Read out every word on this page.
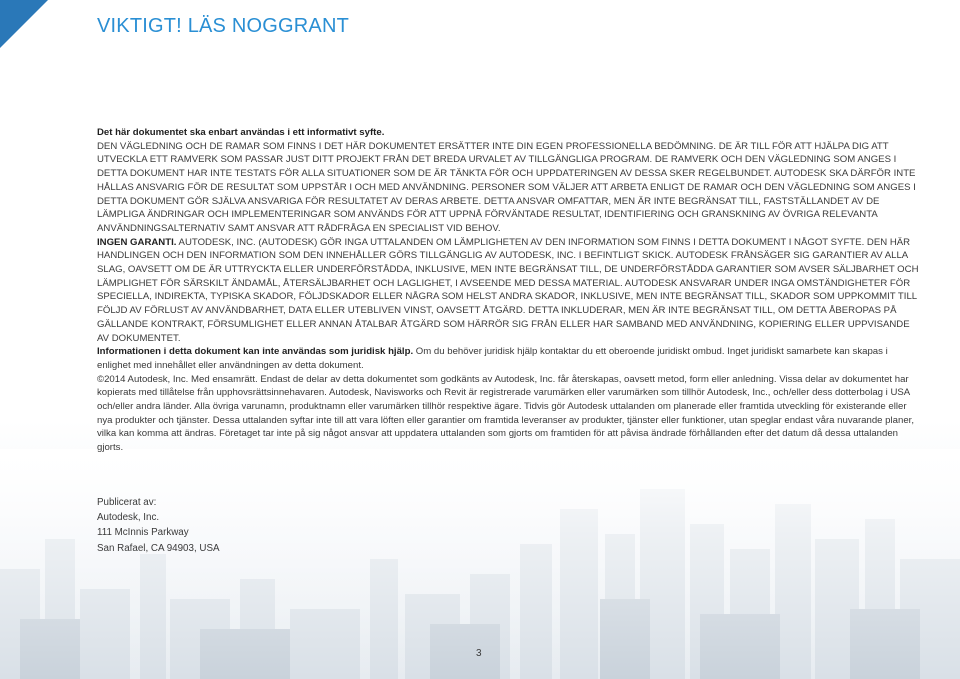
VIKTIGT! LÄS NOGGRANT

Det här dokumentet ska enbart användas i ett informativt syfte.
DEN VÄGLEDNING OCH DE RAMAR SOM FINNS I DET HÄR DOKUMENTET ERSÄTTER INTE DIN EGEN PROFESSIONELLA BEDÖMNING. DE ÄR TILL FÖR ATT HJÄLPA DIG ATT UTVECKLA ETT RAMVERK SOM PASSAR JUST DITT PROJEKT FRÅN DET BREDA URVALET AV TILLGÄNGLIGA PROGRAM. DE RAMVERK OCH DEN VÄGLEDNING SOM ANGES I DETTA DOKUMENT HAR INTE TESTATS FÖR ALLA SITUATIONER SOM DE ÄR TÄNKTA FÖR OCH UPPDATERINGEN AV DESSA SKER REGELBUNDET. AUTODESK SKA DÄRFÖR INTE HÅLLAS ANSVARIG FÖR DE RESULTAT SOM UPPSTÅR I OCH MED ANVÄNDNING. PERSONER SOM VÄLJER ATT ARBETA ENLIGT DE RAMAR OCH DEN VÄGLEDNING SOM ANGES I DETTA DOKUMENT GÖR SJÄLVA ANSVARIGA FÖR RESULTATET AV DERAS ARBETE. DETTA ANSVAR OMFATTAR, MEN ÄR INTE BEGRÄNSAT TILL, FASTSTÄLLANDET AV DE LÄMPLIGA ÄNDRINGAR OCH IMPLEMENTERINGAR SOM ANVÄNDS FÖR ATT UPPNÅ FÖRVÄNTADE RESULTAT, IDENTIFIERING OCH GRANSKNING AV ÖVRIGA RELEVANTA ANVÄNDNINGSALTERNATIV SAMT ANSVAR ATT RÅDFRÅGA EN SPECIALIST VID BEHOV.

INGEN GARANTI. AUTODESK, INC. (AUTODESK) GÖR INGA UTTALANDEN OM LÄMPLIGHETEN AV DEN INFORMATION SOM FINNS I DETTA DOKUMENT I NÅGOT SYFTE. DEN HÄR HANDLINGEN OCH DEN INFORMATION SOM DEN INNEHÅLLER GÖRS TILLGÄNGLIG AV AUTODESK, INC. I BEFINTLIGT SKICK. AUTODESK FRÅNSÄGER SIG GARANTIER AV ALLA SLAG, OAVSETT OM DE ÄR UTTRYCKTA ELLER UNDERFÖRSTÅDDA, INKLUSIVE, MEN INTE BEGRÄNSAT TILL, DE UNDERFÖRSTÅDDA GARANTIER SOM AVSER SÄLJBARHET OCH LÄMPLIGHET FÖR SÄRSKILT ÄNDAMÅL, ÅTERSÄLJBARHET OCH LAGLIGHET, I AVSEENDE MED DESSA MATERIAL. AUTODESK ANSVARAR UNDER INGA OMSTÄNDIGHETER FÖR SPECIELLA, INDIREKTA, TYPISKA SKADOR, FÖLJDSKADOR ELLER NÅGRA SOM HELST ANDRA SKADOR, INKLUSIVE, MEN INTE BEGRÄNSAT TILL, SKADOR SOM UPPKOMMIT TILL FÖLJD AV FÖRLUST AV ANVÄNDBARHET, DATA ELLER UTEBLIVEN VINST, OAVSETT ÅTGÄRD. DETTA INKLUDERAR, MEN ÄR INTE BEGRÄNSAT TILL, OM DETTA ÅBEROPAS PÅ GÄLLANDE KONTRAKT, FÖRSUMLIGHET ELLER ANNAN ÅTALBAR ÅTGÄRD SOM HÄRRÖR SIG FRÅN ELLER HAR SAMBAND MED ANVÄNDNING, KOPIERING ELLER UPPVISANDE AV DOKUMENTET.

Informationen i detta dokument kan inte användas som juridisk hjälp. Om du behöver juridisk hjälp kontaktar du ett oberoende juridiskt ombud. Inget juridiskt samarbete kan skapas i enlighet med innehållet eller användningen av detta dokument.

©2014 Autodesk, Inc. Med ensamrätt. Endast de delar av detta dokumentet som godkänts av Autodesk, Inc. får återskapas, oavsett metod, form eller anledning. Vissa delar av dokumentet har kopierats med tillåtelse från upphovsrättsinnehavaren. Autodesk, Navisworks och Revit är registrerade varumärken eller varumärken som tillhör Autodesk, Inc., och/eller dess dotterbolag i USA och/eller andra länder. Alla övriga varunamn, produktnamn eller varumärken tillhör respektive ägare. Tidvis gör Autodesk uttalanden om planerade eller framtida utveckling för existerande eller nya produkter och tjänster. Dessa uttalanden syftar inte till att vara löften eller garantier om framtida leveranser av produkter, tjänster eller funktioner, utan speglar endast våra nuvarande planer, vilka kan komma att ändras. Företaget tar inte på sig något ansvar att uppdatera uttalanden som gjorts om framtiden för att påvisa ändrade förhållanden efter det datum då dessa uttalanden gjorts.

Publicerat av:
Autodesk, Inc.
111 McInnis Parkway
San Rafael, CA 94903, USA
3
